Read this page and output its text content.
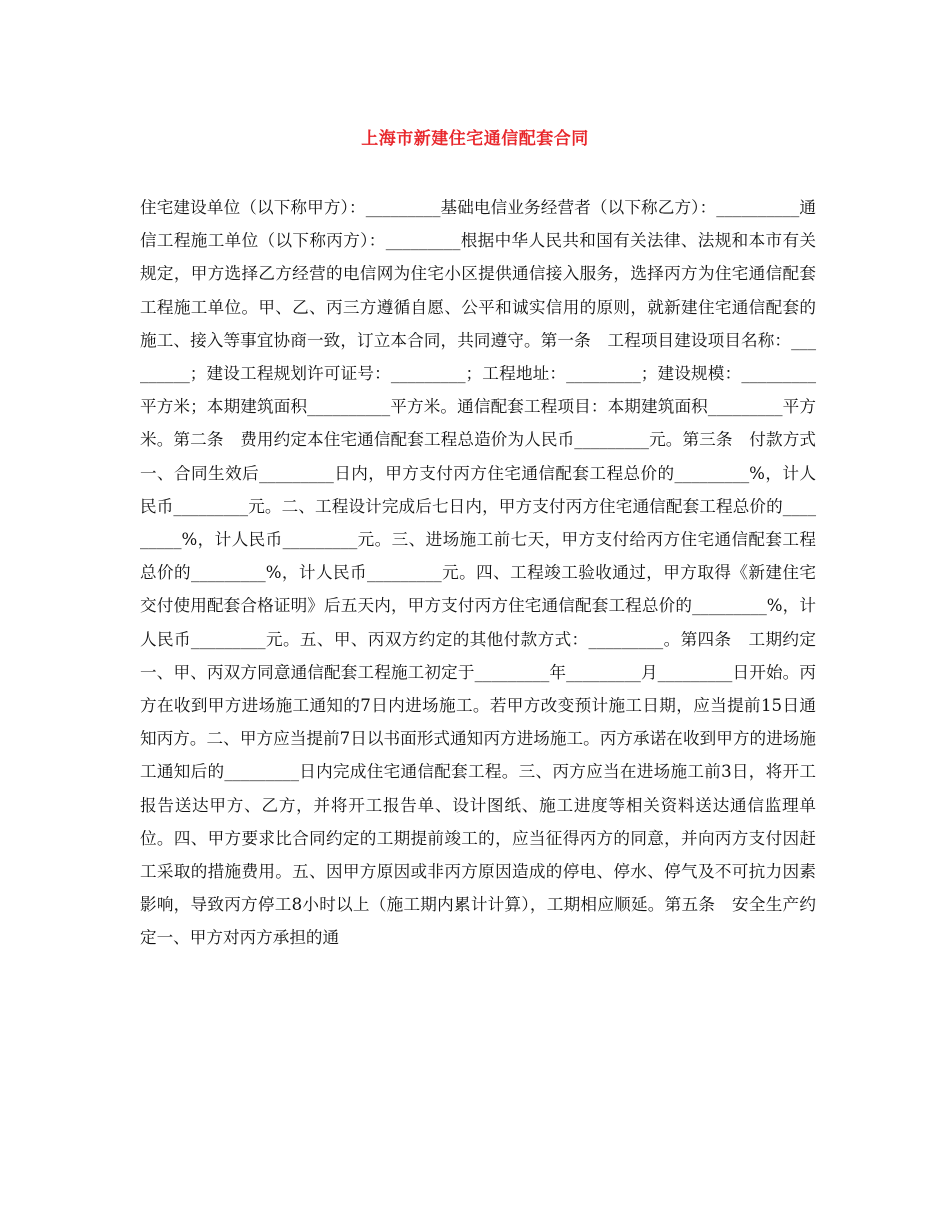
上海市新建住宅通信配套合同

住宅建设单位（以下称甲方）：_________基础电信业务经营者（以下称乙方）：__________通信工程施工单位（以下称丙方）：_________根据中华人民共和国有关法律、法规和本市有关规定，甲方选择乙方经营的电信网为住宅小区提供通信接入服务，选择丙方为住宅通信配套工程施工单位。甲、乙、丙三方遵循自愿、公平和诚实信用的原则，就新建住宅通信配套的施工、接入等事宜协商一致，订立本合同，共同遵守。第一条　工程项目建设项目名称：_________；建设工程规划许可证号：_________；工程地址：_________；建设规模：_________平方米；本期建筑面积__________平方米。通信配套工程项目：本期建筑面积_________平方米。第二条　费用约定本住宅通信配套工程总造价为人民币_________元。第三条　付款方式一、合同生效后_________日内，甲方支付丙方住宅通信配套工程总价的_________%，计人民币_________元。二、工程设计完成后七日内，甲方支付丙方住宅通信配套工程总价的_________%，计人民币_________元。三、进场施工前七天，甲方支付给丙方住宅通信配套工程总价的_________%，计人民币_________元。四、工程竣工验收通过，甲方取得《新建住宅交付使用配套合格证明》后五天内，甲方支付丙方住宅通信配套工程总价的_________%，计人民币_________元。五、甲、丙双方约定的其他付款方式：_________。第四条　工期约定一、甲、丙双方同意通信配套工程施工初定于_________年_________月_________日开始。丙方在收到甲方进场施工通知的7日内进场施工。若甲方改变预计施工日期，应当提前15日通知丙方。二、甲方应当提前7日以书面形式通知丙方进场施工。丙方承诺在收到甲方的进场施工通知后的_________日内完成住宅通信配套工程。三、丙方应当在进场施工前3日，将开工报告送达甲方、乙方，并将开工报告单、设计图纸、施工进度等相关资料送达通信监理单位。四、甲方要求比合同约定的工期提前竣工的，应当征得丙方的同意，并向丙方支付因赶工采取的措施费用。五、因甲方原因或非丙方原因造成的停电、停水、停气及不可抗力因素影响，导致丙方停工8小时以上（施工期内累计计算），工期相应顺延。第五条　安全生产约定一、甲方对丙方承担的通
